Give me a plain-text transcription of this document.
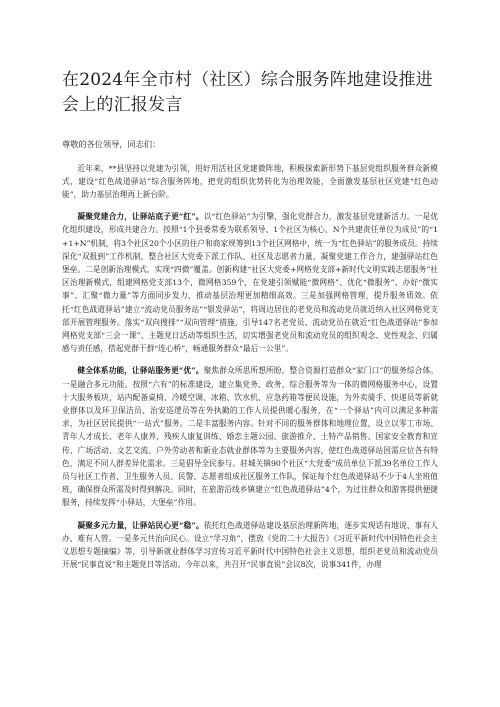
在2024年全市村（社区）综合服务阵地建设推进会上的汇报发言

尊敬的各位领导，同志们：

近年来，**县坚持以党建为引领，用好用活社区党建微阵地，积极探索新形势下基层党组织服务群众新模式，建设“红色战道驿站”综合服务阵地，把党的组织优势转化为治理效能，全面激发基层社区党建“红色动能”，助力基层治理再上新台阶。

凝聚党建合力，让驿站底子更“红”。以“红色驿站”为引擎，强化党群合力，激发基层党建新活力。一是优化组织建设，形成共建合力。按照“1个县委常委为联系领导、1个社区为核心、N个共建责任单位为成员”的“1+1+N”机制，将3个社区20个小区的住户和商家规筹到13个社区网格中，统一为“红色驿站”的服务成员。持续深化“双报到”工作机制，整合社区大党委下派工作队、社区及志愿者力量，凝聚党建工作合力，建强驿站红色堡垒。二是创新治理模式，实现“四微”覆盖。创新构建“社区大党委+网格党支部+新时代文明实践志愿服务”社区治理新模式，组建网格党支部13个，微网格359个，在党建引领赋能“微网格”、优化“微服务”、办好“微实事”、汇聚“微力量”等方面同步发力，推动基层治理更加精细高效。三是加强网格管理，提升服务质效。依托“红色战道驿站”建立“流动党员服务站”“银发驿站”，将周边居住的老党员和流动党员就近纳入社区网格党支部开展管理服务。落实“双向搜排”“双向管理”措施，引导147名老党员、流动党员在就近“红色战道驿站”参加网格党支部“三会一课”、主题党日活动等组织生活，切实增强老党员和流动党员的组织观念、党性观念、归属感与责任感，搭起党群干群“连心桥”，畅通服务群众“最后一公里”。

健全体系功能，让驿站服务更“优”。聚焦群众所思所想所盼，整合资源打造群众“家门口”的服务综合体。一是融合多元功能。按照“六有”的标准建设，建立集党务、政务、综合服务等为一体的微网格服务中心，设置十大服务板块，站内配备桌椅、冷暖空调、冰箱、饮水机、应急药箱等便民设施，为外卖骑手、快递员等新就业群体以及环卫保洁员、治安巡逻员等在外执勤的工作人员提供暖心服务，在“一个驿站”内可以满足多种需求，为社区居民提供“一站式”服务。二是丰富服务内容。针对不同的服务群体和地理位置，设立以零工市场、青年人才成长、老年人康养、残疾人康复训练、婚恋主题公园、旅游推介、土特产品销售、国家安全教育和宣传、广场活动、文艺交流、户外劳动者和新业态就业群体等为主要服务内容，使红色战道驿站因需应位各有特色，满足不同人群差异化需求。三是倡导全民参与。驻城关镇90个社区“大党委”成员单位下派39名单位工作人员与社区工作者、卫生服务人员、民警、志愿者组成社区服务工作队，保证每个红色战道驿站不少于4人坐班值班，确保群众所需及时得到解决。同时，在旅游沿线乡镇建立“红色战道驿站”4个，为过往群众和游客提供便捷服务，持续发挥“小驿站，大堡垒”作用。

凝聚多元力量，让驿站民心更“稳”。依托红色战道驿站建设基层治理新阵地，逐步实现话有地说、事有人办、难有人管。一是多元共治向民心。设立“学习角”，摆放《党的二十大报告》《习近平新时代中国特色社会主义思想专题摘编》等，引导新就业群体学习宣传习近平新时代中国特色社会主义思想，组织老党员和流动党员开展“民事直说”和主题党日等活动。今年以来，共召开“民事直说”会议8次，说事341件，办理
